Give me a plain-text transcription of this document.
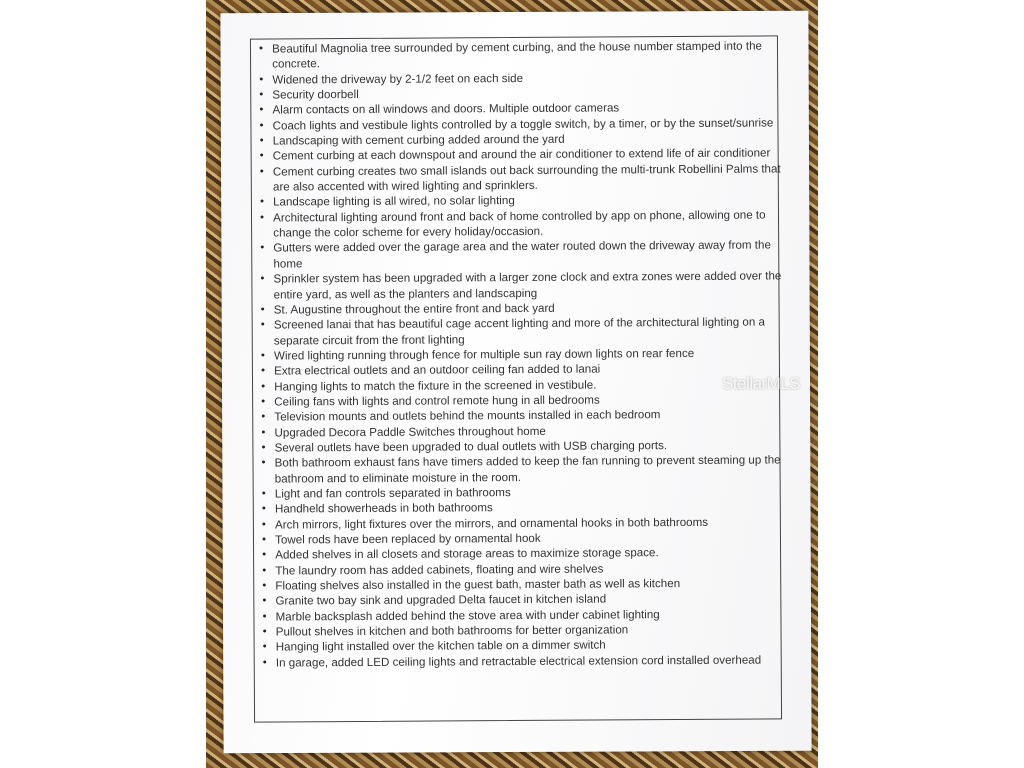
• Beautiful Magnolia tree surrounded by cement curbing, and the house number stamped into the concrete.
• Widened the driveway by 2-1/2 feet on each side
• Security doorbell
• Alarm contacts on all windows and doors. Multiple outdoor cameras
• Coach lights and vestibule lights controlled by a toggle switch, by a timer, or by the sunset/sunrise
• Landscaping with cement curbing added around the yard
• Cement curbing at each downspout and around the air conditioner to extend life of air conditioner
• Cement curbing creates two small islands out back surrounding the multi-trunk Robellini Palms that are also accented with wired lighting and sprinklers.
• Landscape lighting is all wired, no solar lighting
• Architectural lighting around front and back of home controlled by app on phone, allowing one to change the color scheme for every holiday/occasion.
• Gutters were added over the garage area and the water routed down the driveway away from the home
• Sprinkler system has been upgraded with a larger zone clock and extra zones were added over the entire yard, as well as the planters and landscaping
• St. Augustine throughout the entire front and back yard
• Screened lanai that has beautiful cage accent lighting and more of the architectural lighting on a separate circuit from the front lighting
• Wired lighting running through fence for multiple sun ray down lights on rear fence
• Extra electrical outlets and an outdoor ceiling fan added to lanai
• Hanging lights to match the fixture in the screened in vestibule.
• Ceiling fans with lights and control remote hung in all bedrooms
• Television mounts and outlets behind the mounts installed in each bedroom
• Upgraded Decora Paddle Switches throughout home
• Several outlets have been upgraded to dual outlets with USB charging ports.
• Both bathroom exhaust fans have timers added to keep the fan running to prevent steaming up the bathroom and to eliminate moisture in the room.
• Light and fan controls separated in bathrooms
• Handheld showerheads in both bathrooms
• Arch mirrors, light fixtures over the mirrors, and ornamental hooks in both bathrooms
• Towel rods have been replaced by ornamental hook
• Added shelves in all closets and storage areas to maximize storage space.
• The laundry room has added cabinets, floating and wire shelves
• Floating shelves also installed in the guest bath, master bath as well as kitchen
• Granite two bay sink and upgraded Delta faucet in kitchen island
• Marble backsplash added behind the stove area with under cabinet lighting
• Pullout shelves in kitchen and both bathrooms for better organization
• Hanging light installed over the kitchen table on a dimmer switch
• In garage, added LED ceiling lights and retractable electrical extension cord installed overhead
StellarMLS
